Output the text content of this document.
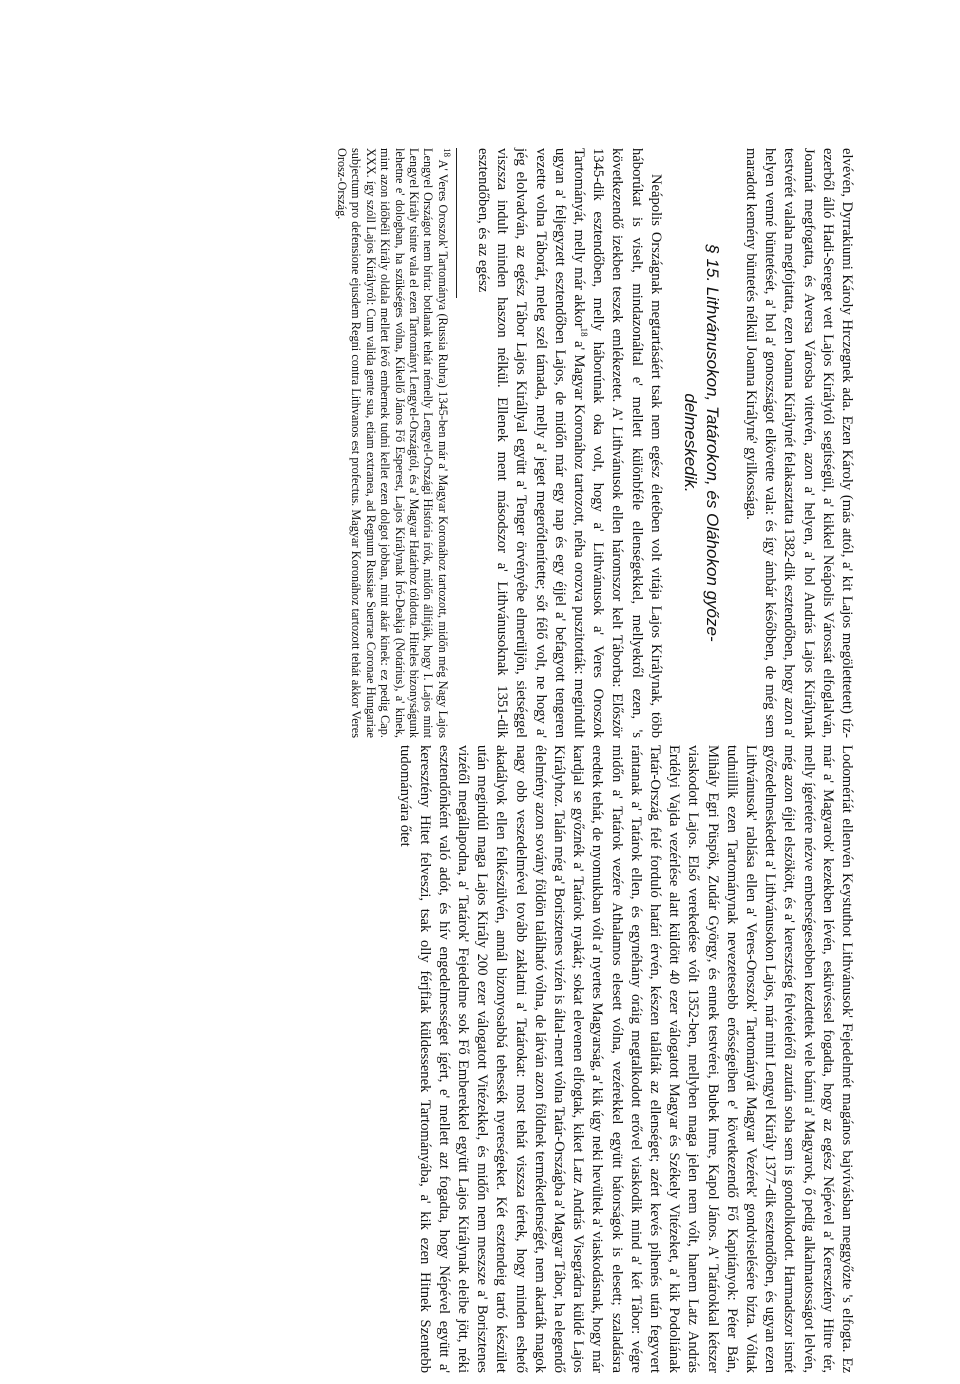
elvévén, Dyrrakiumi Károly Hrczegnek ada. Ezen Károly (más attól, a' kit Lajos megölettetett) tíz-ezerből álló Hadi-Sereget vett Lajos Királytól segítségül, a' kikkel Neápolis Várossát elfoglalván, Joannát megfogatta, és Aversa Városba vitetvén, azon a' helyen, a' hol András Lajos Királynak testvérét valaha megfojtatta, ezen Joanna Királynét felakasztatta 1382-dik esztendőben, hogy azon a' helyen venné büntetését, a' hol a' gonoszságot elkövette vala: és így ámbár későbben, de még sem maradott kemény büntetés nélkül Joanna Királyné' gyilkossága.

§ 15. Lithvánusokon, Tatárokon, és Oláhokon győze-
delmeskedik.

Neápolis Országnak megtartásáért tsak nem egész életében volt vitája Lajos Királynak, több háborúkat is viselt, mindazonáltal e' mellett különbféle ellenségekkel, mellyekről ezen, 's következendő izekben teszek emlékezetet. A' Lithvánusok ellen háromszor kelt Táborba: Először 1345-dik esztendőben, melly háborúnak oka volt, hogy a' Lithvánusok a' Veres Oroszok Tartományát, melly már akkor$^{18}$ a' Magyar Koronához tartozott, néha orozva puszitották: megindult ugyan a' feljegyzett esztendőben Lajos, de midőn már egy nap és egy éjjel a' befagyott tengeren vezette volna Táborát, meleg szél támada, melly a' jeget megerőtlenítette; sőt félő volt, ne hogy a' jég elolvadván, az egész Tábor Lajos Királlyal együtt a' Tenger örvényébe elmerüljön, sietséggel viszsza indult minden haszon nélkül. Ellenek ment másodszor a' Lithvánusoknak 1351-dik esztendőben, és az egész

$^{18}$ A' Veres Oroszok' Tartománya (Russia Rubra) 1345-ben már a' Magyar Koronához tartozott, midőn még Nagy Lajos Lengyel Országot nem bírta: botlanak tehát némelly Lengyel-Országi História írók, midőn állítják, hogy I. Lajos mint Lengyel Király tsinte vala el ezen Tartományt Lengyel-Országtól, és a' Magyar Határhoz tóldotta. Hiteles bizonyságunk lehetne e' dologban, ha szükséges vólna, Kikellő János Fő Esperest, Lajos Királynak Író-Deakja (Notárius), a' kinek, mint azon időbéli Király oldala mellett lévő embernek tudni kellet ezen dolgot jobban, mint akár kinek: ez pedig Cap. XXX. így szóll Lajos Királyról: Cum valida gente sua, etiam extranea, ad Regnum Russiae Suerrae Coronae Hungariae subjectum pro defensione ejusdem Regni contra Lithvanos est profectus. Magyar Koronához tartozott tehát akkor Veres Orosz-Ország.

Lodoméríát ellenvén Keystuthot Lithvánusok' Fejedelmét magános bajvívásban meggyőzte 's elfogta. Ez már a' Magyarok' kezekben lévén, esküvéssel fogadta, hogy az egész Népével a' Keresztény Hitre tér, melly ígéretére nézve emberségesebben kezdettek vele bánni a' Magyarok, ő pedig alkalmatosságot lelvén, még azon éjjel elszökött, és a' keresztség felvételéről azután soha sem is gondolkodott. Harmadszor ismét győzedelmeskedett a' Lithvánusokon Lajos, már mint Lengyel Király 1377-dik esztendőben, és ugyan ezen Lithvánusok' rablása ellen a' Veres-Oroszok' Tartományát Magyar Vezérek' gondviselésére bízta. Vóltak tudniillik ezen Tartománynak nevezetesebb erősségeiben e' következendő Fő Kapitányok: Péter Bán, Mihály Egri Püspök, Zudár György, és ennek testvérei, Bubek Imre, Kapol János. A' Tatárokkal kétszer viaskodott Lajos. Első verekedése vólt 1352-ben, mellyben maga jelen nem vólt, hanem Latz András Erdélyi Vajda vezérlése alatt küldött 40 ezer válogatott Magyar és Székely Vitézeket, a' kik Podoliának Tatár-Ország felé forduló határi érvén, készen találták az ellenséget; azért kevés pihenés után fegyvert rántanak a' Tatárok ellen, és egynéhány óráig megtalkodott erővel viaskodik mind a' két Tábor: végre midőn a' Tatárok vezére Athalamos elesett vólna, vezérekkel együtt bátorságok is elesett; szaladásra eredtek tehát, de nyomukban vólt a' nyertes Magyarság, a' kik úgy neki hevültek a' viaskodásnak, hogy már kardjal se győznék a' Tatárok nyakát; sokat elevenen elfogtak, kiket Latz András Visegrádra küldé Lajos Királyhoz. Talán még a' Borisztenes vizén is által-ment vólna Tatár-Országba a' Magyar Tábor, ha elegendő élelmény azon sovány földön található vólna, de látván azon földnek terméketlenségét, nem akarták magok nagy obb veszedelmével tovább zaklatni a' Tatárokat: most tehát viszsza tértek, hogy minden eshető akadályok ellen felkészülvén, annál bizonyosabbá tehessék nyereségeket. Két esztendeig tartó készület után megindúl maga Lajos Király 200 ezer válogatott Vitézekkel, és midőn nem meszsze a' Borisztenes vizétől megállapodna, a' Tatárok' Fejedelme sok Fő Emberekkel együtt Lajos Királynak eleibe jött, néki esztendőnként való adót, és hív engedelmességet ígért, e' mellett azt fogadta, hogy Népével együtt a' keresztény Hitet felveszi, tsak olly férjfiak küldessenek Tartományába, a' kik ezen Hitnek Szentebb tudományára őtet
